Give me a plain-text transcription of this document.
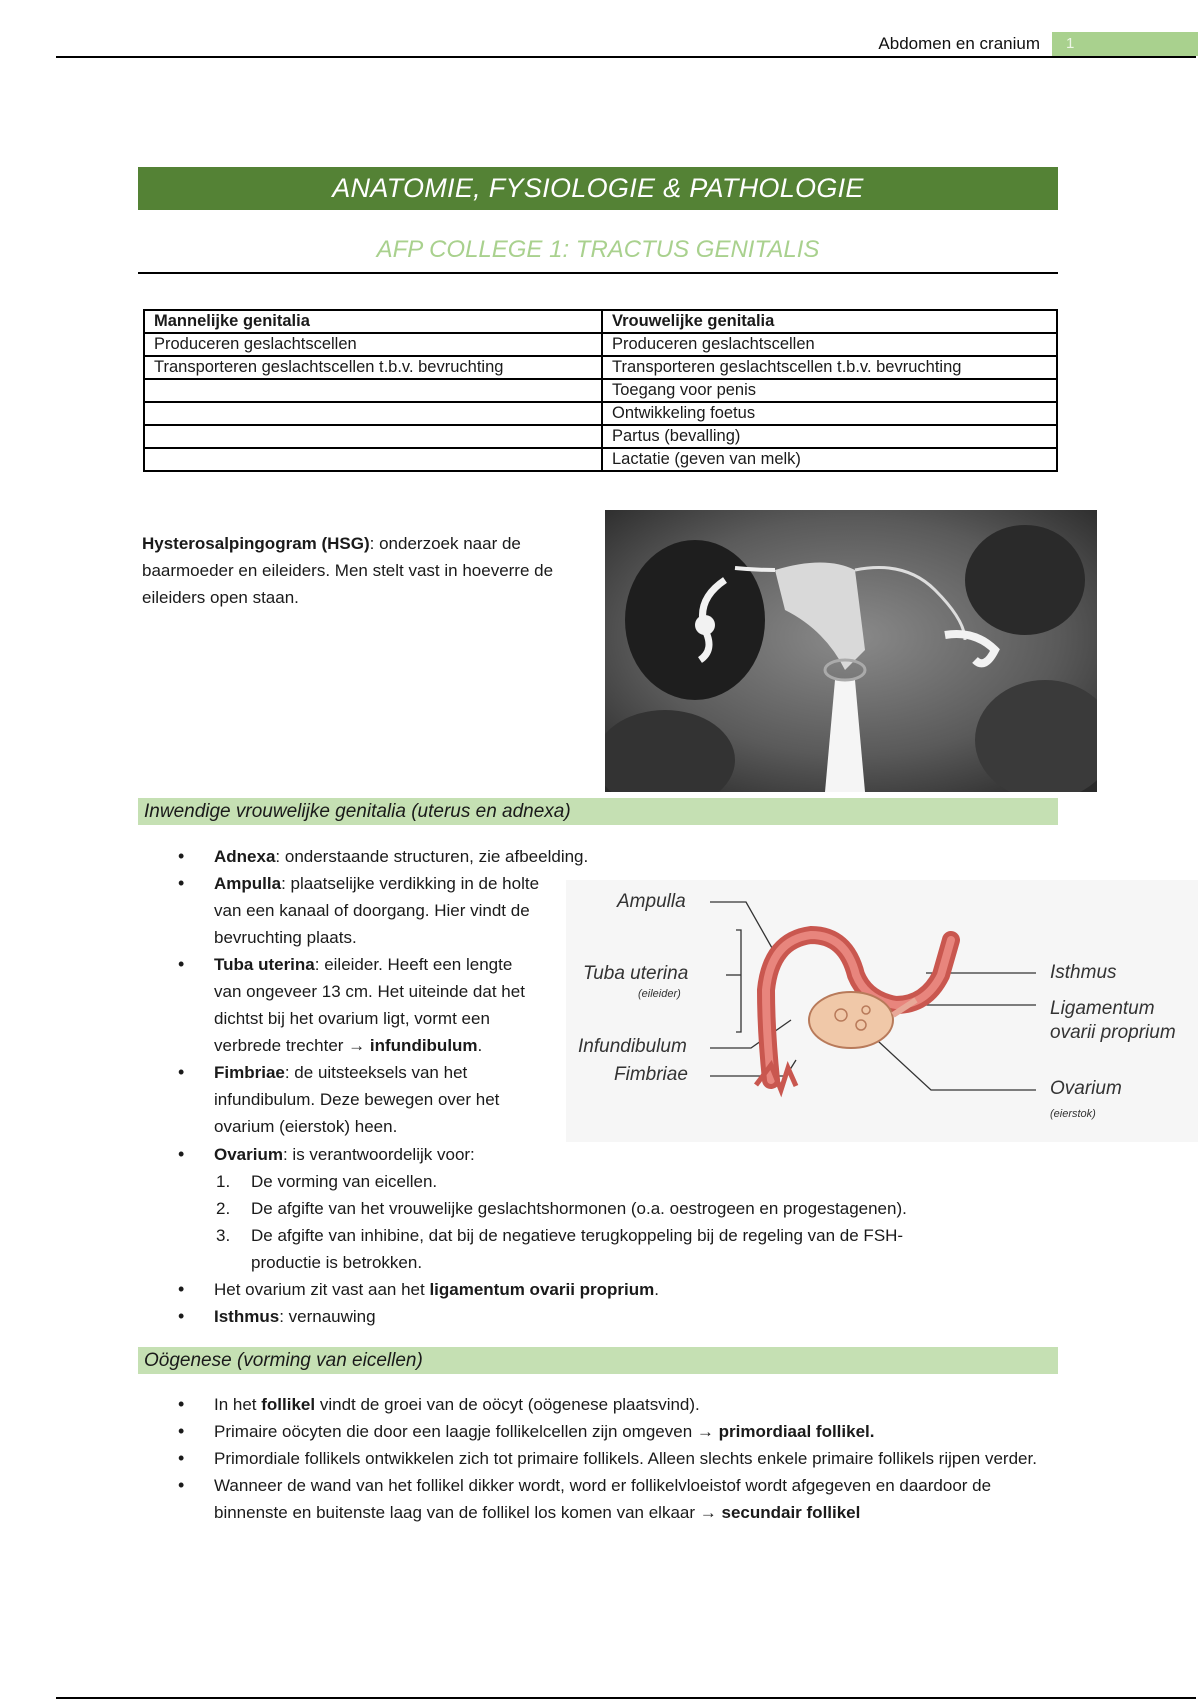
Abdomen en cranium	1
ANATOMIE, FYSIOLOGIE & PATHOLOGIE
AFP COLLEGE 1: TRACTUS GENITALIS
Mannelijke genitalia	Vrouwelijke genitalia
Produceren geslachtscellen	Produceren geslachtscellen
Transporteren geslachtscellen t.b.v. bevruchting	Transporteren geslachtscellen t.b.v. bevruchting
	Toegang voor penis
	Ontwikkeling foetus
	Partus (bevalling)
	Lactatie (geven van melk)
Hysterosalpingogram (HSG): onderzoek naar de baarmoeder en eileiders. Men stelt vast in hoeverre de eileiders open staan.
Inwendige vrouwelijke genitalia (uterus en adnexa)
• Adnexa: onderstaande structuren, zie afbeelding.
• Ampulla: plaatselijke verdikking in de holte van een kanaal of doorgang. Hier vindt de bevruchting plaats.
• Tuba uterina: eileider. Heeft een lengte van ongeveer 13 cm. Het uiteinde dat het dichtst bij het ovarium ligt, vormt een verbrede trechter → infundibulum.
• Fimbriae: de uitsteeksels van het infundibulum. Deze bewegen over het ovarium (eierstok) heen.
• Ovarium: is verantwoordelijk voor:
1. De vorming van eicellen.
2. De afgifte van het vrouwelijke geslachtshormonen (o.a. oestrogeen en progestagenen).
3. De afgifte van inhibine, dat bij de negatieve terugkoppeling bij de regeling van de FSH-productie is betrokken.
• Het ovarium zit vast aan het ligamentum ovarii proprium.
• Isthmus: vernauwing
Ampulla
Tuba uterina
(eileider)
Infundibulum
Fimbriae
Isthmus
Ligamentum
ovarii proprium
Ovarium
(eierstok)
Oögenese (vorming van eicellen)
• In het follikel vindt de groei van de oöcyt (oögenese plaatsvind).
• Primaire oöcyten die door een laagje follikelcellen zijn omgeven → primordiaal follikel.
• Primordiale follikels ontwikkelen zich tot primaire follikels. Alleen slechts enkele primaire follikels rijpen verder.
• Wanneer de wand van het follikel dikker wordt, word er follikelvloeistof wordt afgegeven en daardoor de binnenste en buitenste laag van de follikel los komen van elkaar → secundair follikel
